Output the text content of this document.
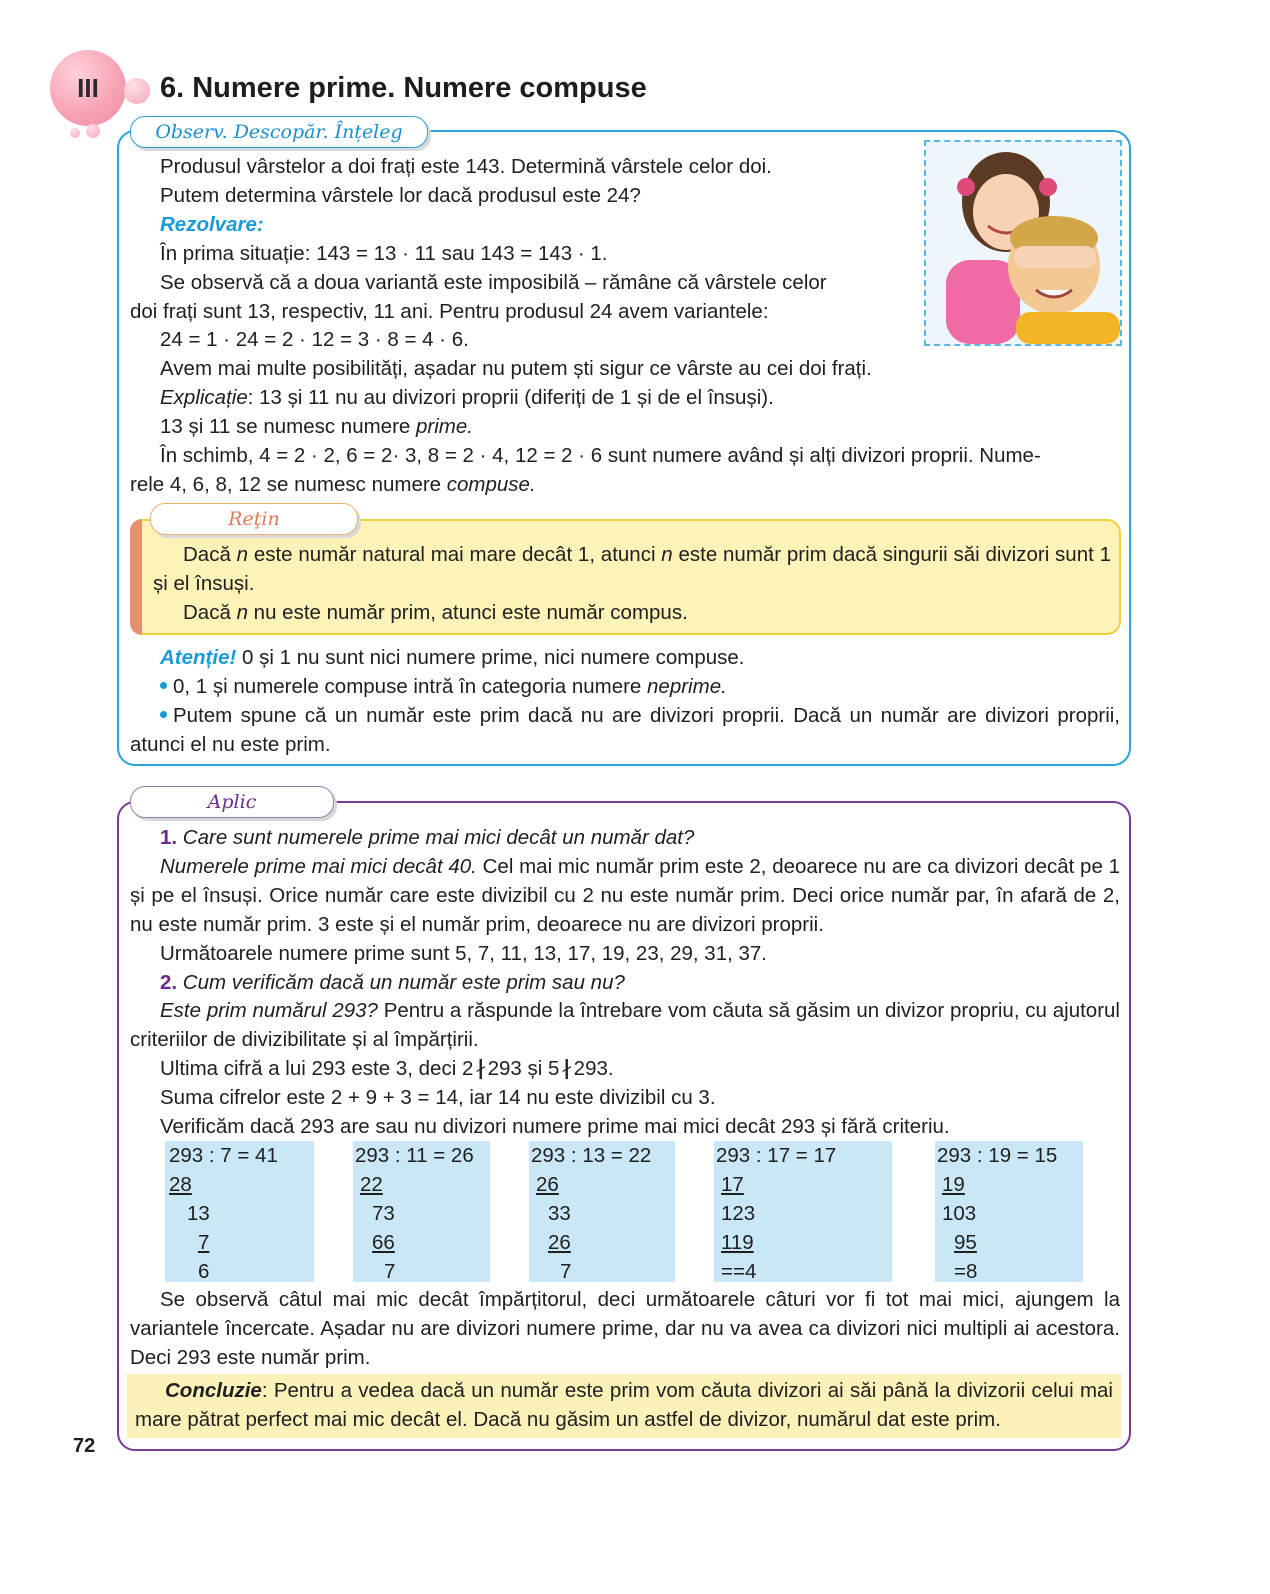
III 6. Numere prime. Numere compuse
Observ. Descopăr. Înțeleg

Produsul vârstelor a doi frați este 143. Determină vârstele celor doi.

Putem determina vârstele lor dacă produsul este 24?

Rezolvare:

În prima situație: 143 = 13 · 11 sau 143 = 143 · 1.

Se observă că a doua variantă este imposibilă – rămâne că vârstele celor

doi frați sunt 13, respectiv, 11 ani. Pentru produsul 24 avem variantele:

24 = 1 · 24 = 2 · 12 = 3 · 8 = 4 · 6.

Avem mai multe posibilități, așadar nu putem ști sigur ce vârste au cei doi frați.

Explicație: 13 și 11 nu au divizori proprii (diferiți de 1 și de el însuși).

13 și 11 se numesc numere prime.

În schimb, 4 = 2 · 2, 6 = 2· 3, 8 = 2 · 4, 12 = 2 · 6 sunt numere având și alți divizori proprii. Nume-

rele 4, 6, 8, 12 se numesc numere compuse.

Reţin

Dacă n este număr natural mai mare decât 1, atunci n este număr prim dacă singurii săi divizori sunt 1 și el însuși.

Dacă n nu este număr prim, atunci este număr compus.

Atenție! 0 și 1 nu sunt nici numere prime, nici numere compuse.

0, 1 și numerele compuse intră în categoria numere neprime.

Putem spune că un număr este prim dacă nu are divizori proprii. Dacă un număr are divizori proprii, atunci el nu este prim.

Aplic

1. Care sunt numerele prime mai mici decât un număr dat?

Numerele prime mai mici decât 40. Cel mai mic număr prim este 2, deoarece nu are ca divizori decât pe 1 și pe el însuși. Orice număr care este divizibil cu 2 nu este număr prim. Deci orice număr par, în afară de 2, nu este număr prim. 3 este și el număr prim, deoarece nu are divizori proprii.

Următoarele numere prime sunt 5, 7, 11, 13, 17, 19, 23, 29, 31, 37.

2. Cum verificăm dacă un număr este prim sau nu?

Este prim numărul 293? Pentru a răspunde la întrebare vom căuta să găsim un divizor propriu, cu ajutorul criteriilor de divizibilitate și al împărțirii.

Ultima cifră a lui 293 este 3, deci 2∤293 și 5∤293.

Suma cifrelor este 2 + 9 + 3 = 14, iar 14 nu este divizibil cu 3.

Verificăm dacă 293 are sau nu divizori numere prime mai mici decât 293 și fără criteriu.

293 : 7 = 41
28
13
7
6
293 : 11 = 26
22
73
66
7
293 : 13 = 22
26
33
26
7
293 : 17 = 17
17
123
119
==4
293 : 19 = 15
19
103
95
=8

Se observă câtul mai mic decât împărțitorul, deci următoarele câturi vor fi tot mai mici, ajungem la variantele încercate. Așadar nu are divizori numere prime, dar nu va avea ca divizori nici multipli ai acestora. Deci 293 este număr prim.

Concluzie: Pentru a vedea dacă un număr este prim vom căuta divizori ai săi până la divizorii celui mai mare pătrat perfect mai mic decât el. Dacă nu găsim un astfel de divizor, numărul dat este prim.

72
